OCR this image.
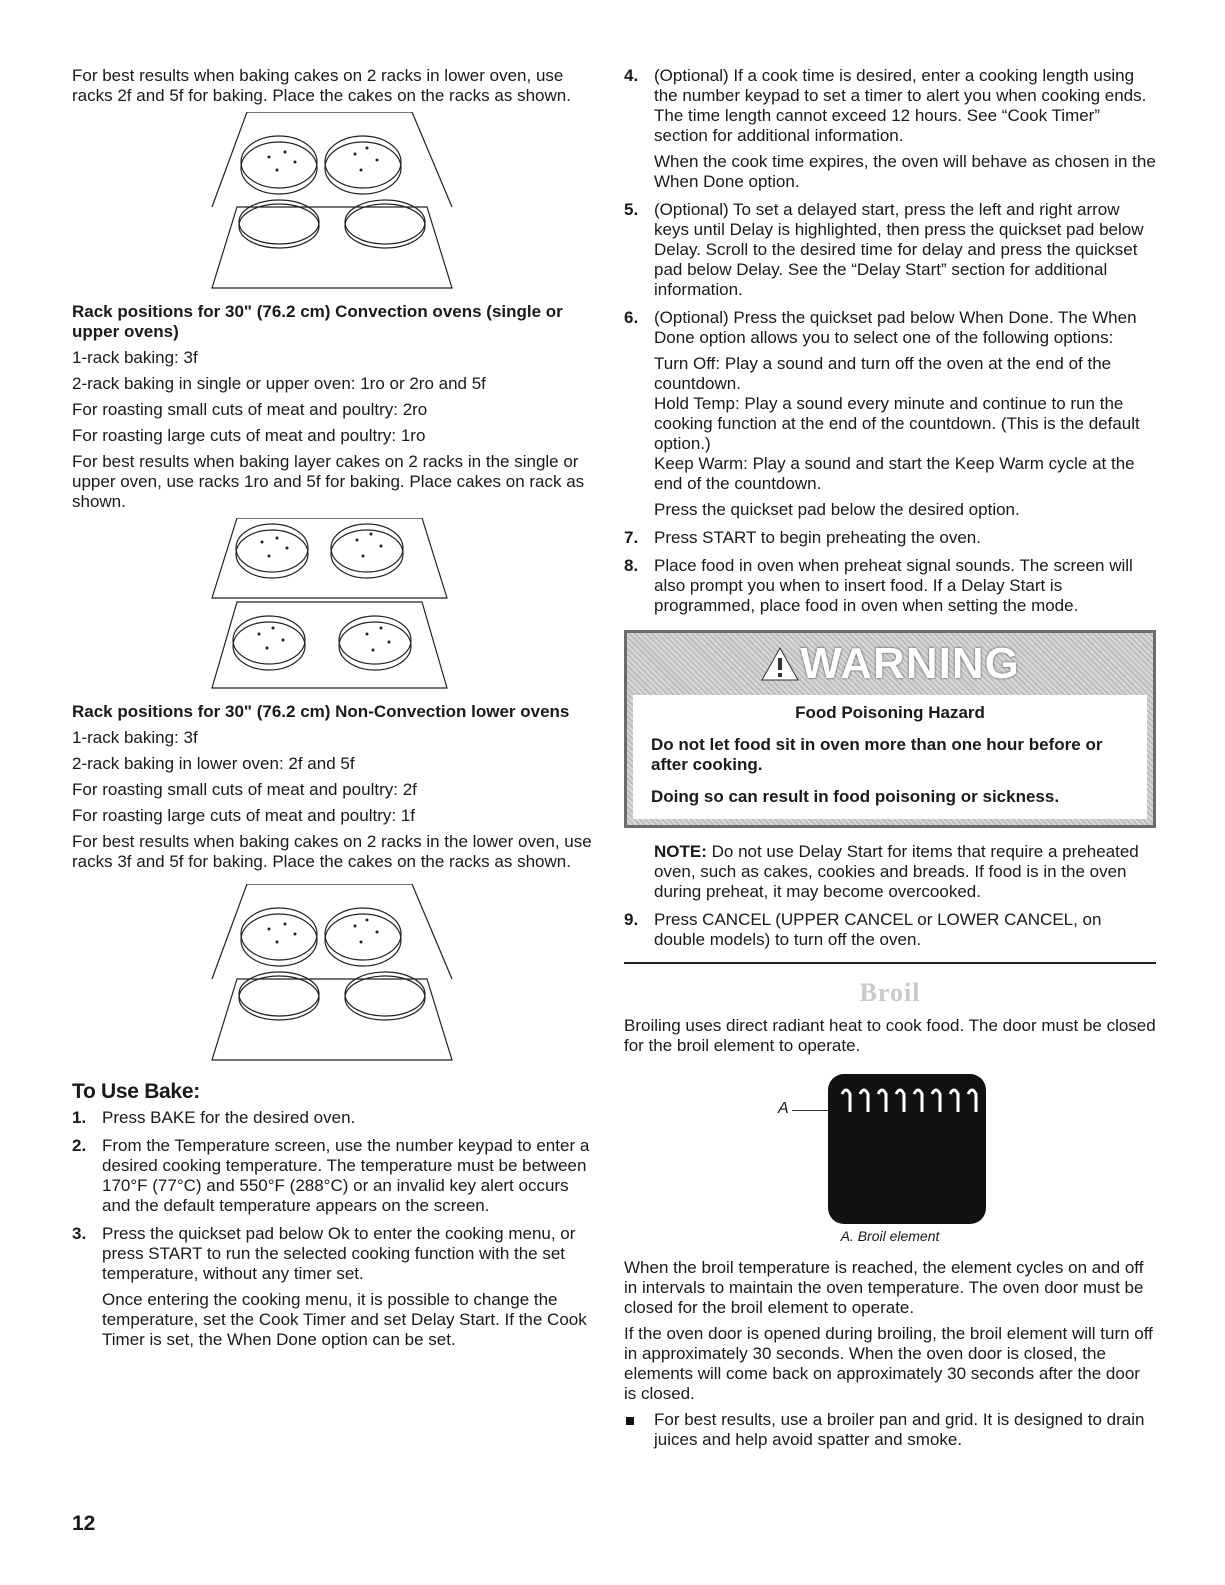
For best results when baking cakes on 2 racks in lower oven, use racks 2f and 5f for baking. Place the cakes on the racks as shown.

Rack positions for 30" (76.2 cm) Convection ovens (single or upper ovens)

1-rack baking: 3f

2-rack baking in single or upper oven: 1ro or 2ro and 5f

For roasting small cuts of meat and poultry: 2ro

For roasting large cuts of meat and poultry: 1ro

For best results when baking layer cakes on 2 racks in the single or upper oven, use racks 1ro and 5f for baking. Place cakes on rack as shown.

Rack positions for 30" (76.2 cm) Non-Convection lower ovens

1-rack baking: 3f

2-rack baking in lower oven: 2f and 5f

For roasting small cuts of meat and poultry: 2f

For roasting large cuts of meat and poultry: 1f

For best results when baking cakes on 2 racks in the lower oven, use racks 3f and 5f for baking. Place the cakes on the racks as shown.

To Use Bake:
1. Press BAKE for the desired oven.
2. From the Temperature screen, use the number keypad to enter a desired cooking temperature. The temperature must be between 170°F (77°C) and 550°F (288°C) or an invalid key alert occurs and the default temperature appears on the screen.
3. Press the quickset pad below Ok to enter the cooking menu, or press START to run the selected cooking function with the set temperature, without any timer set.
Once entering the cooking menu, it is possible to change the temperature, set the Cook Timer and set Delay Start. If the Cook Timer is set, the When Done option can be set.
4. (Optional) If a cook time is desired, enter a cooking length using the number keypad to set a timer to alert you when cooking ends. The time length cannot exceed 12 hours. See “Cook Timer” section for additional information.
When the cook time expires, the oven will behave as chosen in the When Done option.
5. (Optional) To set a delayed start, press the left and right arrow keys until Delay is highlighted, then press the quickset pad below Delay. Scroll to the desired time for delay and press the quickset pad below Delay. See the “Delay Start” section for additional information.
6. (Optional) Press the quickset pad below When Done. The When Done option allows you to select one of the following options:
Turn Off: Play a sound and turn off the oven at the end of the countdown.
Hold Temp: Play a sound every minute and continue to run the cooking function at the end of the countdown. (This is the default option.)
Keep Warm: Play a sound and start the Keep Warm cycle at the end of the countdown.
Press the quickset pad below the desired option.
7. Press START to begin preheating the oven.
8. Place food in oven when preheat signal sounds. The screen will also prompt you when to insert food. If a Delay Start is programmed, place food in oven when setting the mode.
WARNING
Food Poisoning Hazard
Do not let food sit in oven more than one hour before or after cooking.
Doing so can result in food poisoning or sickness.

NOTE: Do not use Delay Start for items that require a preheated oven, such as cakes, cookies and breads. If food is in the oven during preheat, it may become overcooked.

9. Press CANCEL (UPPER CANCEL or LOWER CANCEL, on double models) to turn off the oven.
Broil

Broiling uses direct radiant heat to cook food. The door must be closed for the broil element to operate.

A
A. Broil element

When the broil temperature is reached, the element cycles on and off in intervals to maintain the oven temperature. The oven door must be closed for the broil element to operate.

If the oven door is opened during broiling, the broil element will turn off in approximately 30 seconds. When the oven door is closed, the elements will come back on approximately 30 seconds after the door is closed.

For best results, use a broiler pan and grid. It is designed to drain juices and help avoid spatter and smoke.
12
